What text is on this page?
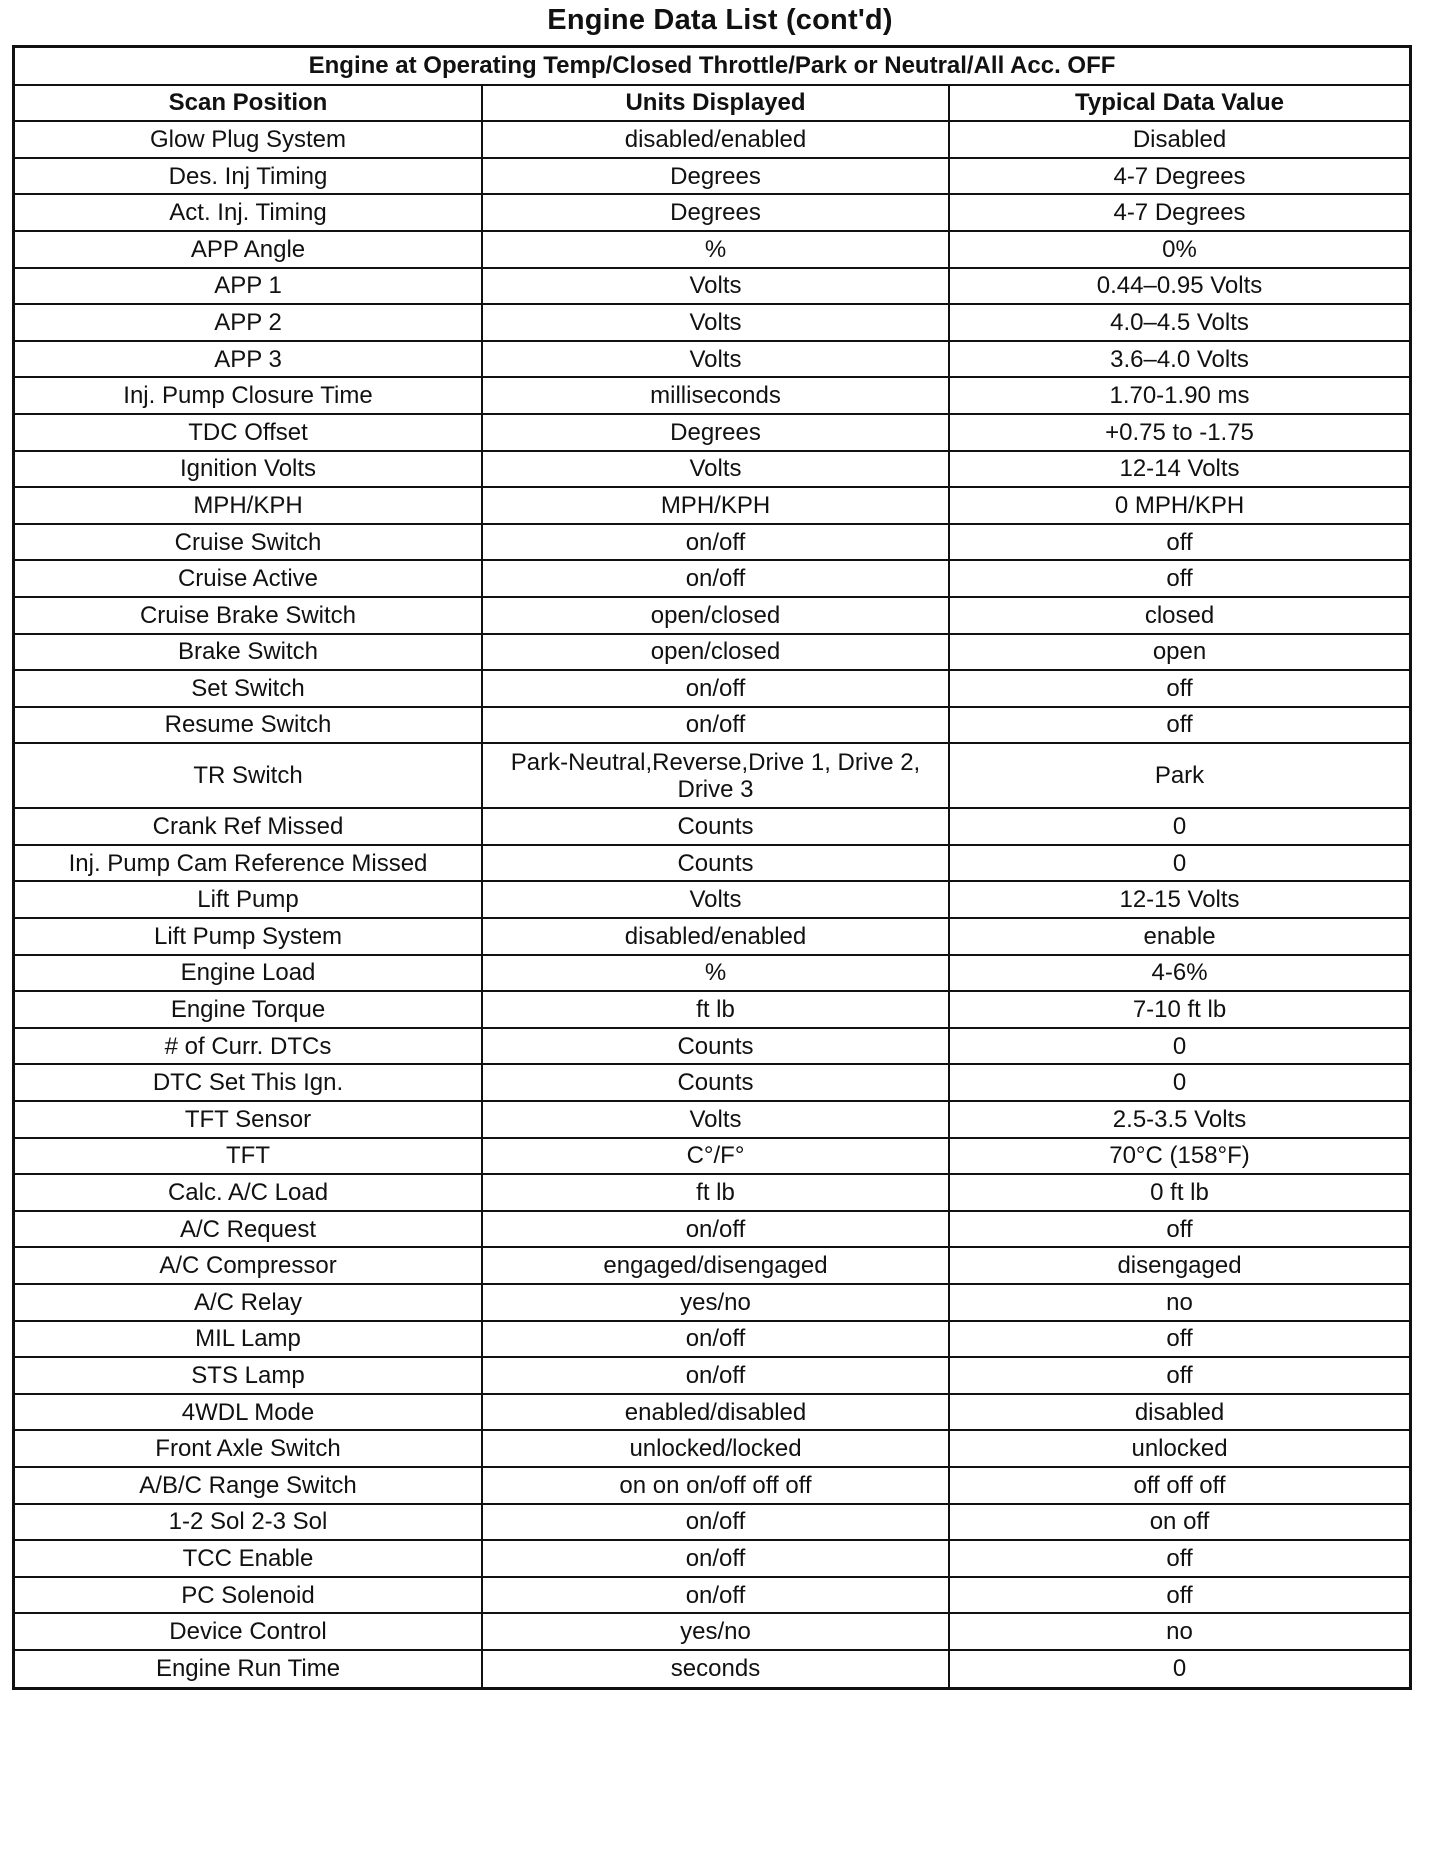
Engine Data List (cont'd)
Engine at Operating Temp/Closed Throttle/Park or Neutral/All Acc. OFF		
Scan Position	Units Displayed	Typical Data Value
Glow Plug System	disabled/enabled	Disabled
Des. Inj Timing	Degrees	4-7 Degrees
Act. Inj. Timing	Degrees	4-7 Degrees
APP Angle	%	0%
APP 1	Volts	0.44–0.95 Volts
APP 2	Volts	4.0–4.5 Volts
APP 3	Volts	3.6–4.0 Volts
Inj. Pump Closure Time	milliseconds	1.70-1.90 ms
TDC Offset	Degrees	+0.75 to -1.75
Ignition Volts	Volts	12-14 Volts
MPH/KPH	MPH/KPH	0 MPH/KPH
Cruise Switch	on/off	off
Cruise Active	on/off	off
Cruise Brake Switch	open/closed	closed
Brake Switch	open/closed	open
Set Switch	on/off	off
Resume Switch	on/off	off
TR Switch	Park-Neutral,Reverse,Drive 1, Drive 2, Drive 3	Park
Crank Ref Missed	Counts	0
Inj. Pump Cam Reference Missed	Counts	0
Lift Pump	Volts	12-15 Volts
Lift Pump System	disabled/enabled	enable
Engine Load	%	4-6%
Engine Torque	ft lb	7-10 ft lb
# of Curr. DTCs	Counts	0
DTC Set This Ign.	Counts	0
TFT Sensor	Volts	2.5-3.5 Volts
TFT	C°/F°	70°C (158°F)
Calc. A/C Load	ft lb	0 ft lb
A/C Request	on/off	off
A/C Compressor	engaged/disengaged	disengaged
A/C Relay	yes/no	no
MIL Lamp	on/off	off
STS Lamp	on/off	off
4WDL Mode	enabled/disabled	disabled
Front Axle Switch	unlocked/locked	unlocked
A/B/C Range Switch	on on on/off off off	off off off
1-2 Sol 2-3 Sol	on/off	on off
TCC Enable	on/off	off
PC Solenoid	on/off	off
Device Control	yes/no	no
Engine Run Time	seconds	0
